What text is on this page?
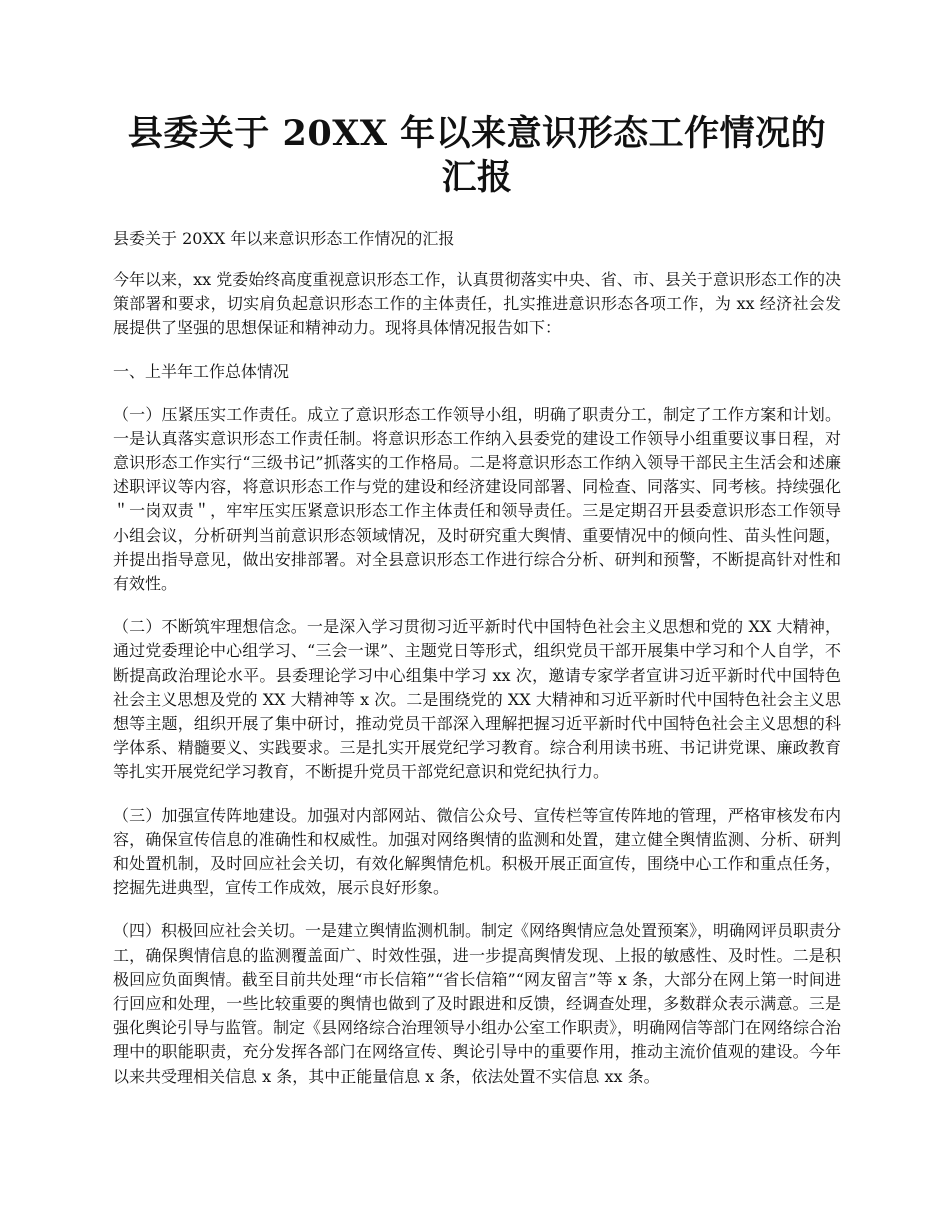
县委关于 20XX 年以来意识形态工作情况的
汇报

县委关于 20XX 年以来意识形态工作情况的汇报

今年以来，xx 党委始终高度重视意识形态工作，认真贯彻落实中央、省、市、县关于意识形态工作的决策部署和要求，切实肩负起意识形态工作的主体责任，扎实推进意识形态各项工作，为 xx 经济社会发展提供了坚强的思想保证和精神动力。现将具体情况报告如下：

一、上半年工作总体情况

（一）压紧压实工作责任。成立了意识形态工作领导小组，明确了职责分工，制定了工作方案和计划。一是认真落实意识形态工作责任制。将意识形态工作纳入县委党的建设工作领导小组重要议事日程，对意识形态工作实行“三级书记”抓落实的工作格局。二是将意识形态工作纳入领导干部民主生活会和述廉述职评议等内容，将意识形态工作与党的建设和经济建设同部署、同检查、同落实、同考核。持续强化＂一岗双责＂，牢牢压实压紧意识形态工作主体责任和领导责任。三是定期召开县委意识形态工作领导小组会议，分析研判当前意识形态领域情况，及时研究重大舆情、重要情况中的倾向性、苗头性问题，并提出指导意见，做出安排部署。对全县意识形态工作进行综合分析、研判和预警，不断提高针对性和有效性。

（二）不断筑牢理想信念。一是深入学习贯彻习近平新时代中国特色社会主义思想和党的 XX 大精神，通过党委理论中心组学习、“三会一课”、主题党日等形式，组织党员干部开展集中学习和个人自学，不断提高政治理论水平。县委理论学习中心组集中学习 xx 次，邀请专家学者宣讲习近平新时代中国特色社会主义思想及党的 XX 大精神等 x 次。二是围绕党的 XX 大精神和习近平新时代中国特色社会主义思想等主题，组织开展了集中研讨，推动党员干部深入理解把握习近平新时代中国特色社会主义思想的科学体系、精髓要义、实践要求。三是扎实开展党纪学习教育。综合利用读书班、书记讲党课、廉政教育等扎实开展党纪学习教育，不断提升党员干部党纪意识和党纪执行力。

（三）加强宣传阵地建设。加强对内部网站、微信公众号、宣传栏等宣传阵地的管理，严格审核发布内容，确保宣传信息的准确性和权威性。加强对网络舆情的监测和处置，建立健全舆情监测、分析、研判和处置机制，及时回应社会关切，有效化解舆情危机。积极开展正面宣传，围绕中心工作和重点任务，挖掘先进典型，宣传工作成效，展示良好形象。

（四）积极回应社会关切。一是建立舆情监测机制。制定《网络舆情应急处置预案》，明确网评员职责分工，确保舆情信息的监测覆盖面广、时效性强，进一步提高舆情发现、上报的敏感性、及时性。二是积极回应负面舆情。截至目前共处理“市长信箱”“省长信箱”“网友留言”等 x 条，大部分在网上第一时间进行回应和处理，一些比较重要的舆情也做到了及时跟进和反馈，经调查处理，多数群众表示满意。三是强化舆论引导与监管。制定《县网络综合治理领导小组办公室工作职责》，明确网信等部门在网络综合治理中的职能职责，充分发挥各部门在网络宣传、舆论引导中的重要作用，推动主流价值观的建设。今年以来共受理相关信息 x 条，其中正能量信息 x 条，依法处置不实信息 xx 条。
